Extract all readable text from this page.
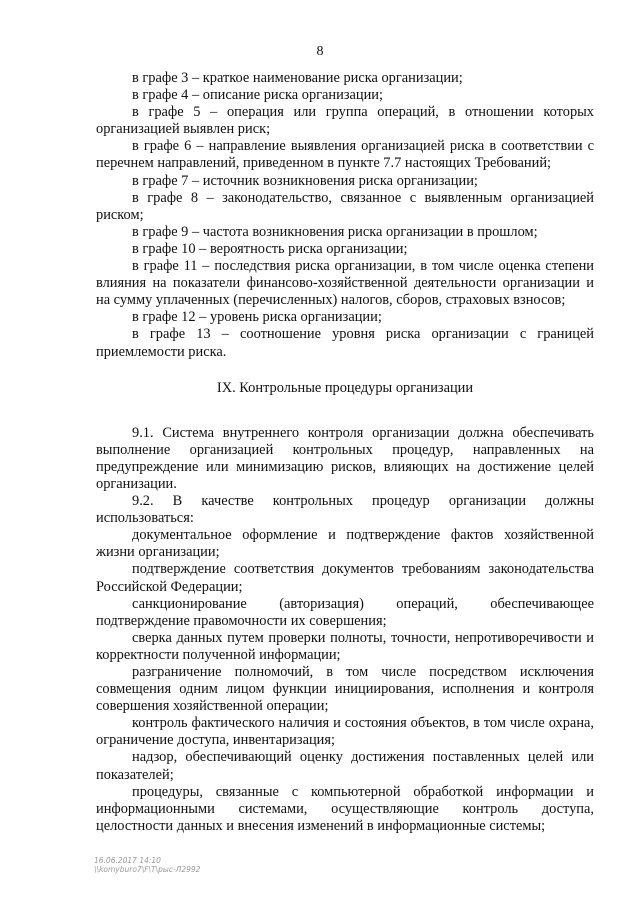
8

в графе 3 – краткое наименование риска организации;

в графе 4 – описание риска организации;

в графе 5 – операция или группа операций, в отношении которых организацией выявлен риск;

в графе 6 – направление выявления организацией риска в соответствии с перечнем направлений, приведенном в пункте 7.7 настоящих Требований;

в графе 7 – источник возникновения риска организации;

в графе 8 – законодательство, связанное с выявленным организацией риском;

в графе 9 – частота возникновения риска организации в прошлом;

в графе 10 – вероятность риска организации;

в графе 11 – последствия риска организации, в том числе оценка степени влияния на показатели финансово-хозяйственной деятельности организации и на сумму уплаченных (перечисленных) налогов, сборов, страховых взносов;

в графе 12 – уровень риска организации;

в графе 13 – соотношение уровня риска организации с границей приемлемости риска.

IX. Контрольные процедуры организации

9.1. Система внутреннего контроля организации должна обеспечивать выполнение организацией контрольных процедур, направленных на предупреждение или минимизацию рисков, влияющих на достижение целей организации.

9.2. В качестве контрольных процедур организации должны использоваться:

документальное оформление и подтверждение фактов хозяйственной жизни организации;

подтверждение соответствия документов требованиям законодательства Российской Федерации;

санкционирование (авторизация) операций, обеспечивающее подтверждение правомочности их совершения;

сверка данных путем проверки полноты, точности, непротиворечивости и корректности полученной информации;

разграничение полномочий, в том числе посредством исключения совмещения одним лицом функции инициирования, исполнения и контроля совершения хозяйственной операции;

контроль фактического наличия и состояния объектов, в том числе охрана, ограничение доступа, инвентаризация;

надзор, обеспечивающий оценку достижения поставленных целей или показателей;

процедуры, связанные с компьютерной обработкой информации и информационными системами, осуществляющие контроль доступа, целостности данных и внесения изменений в информационные системы;

16.06.2017 14:10
\\komyburo7\F\Т\рыс-Л2992
